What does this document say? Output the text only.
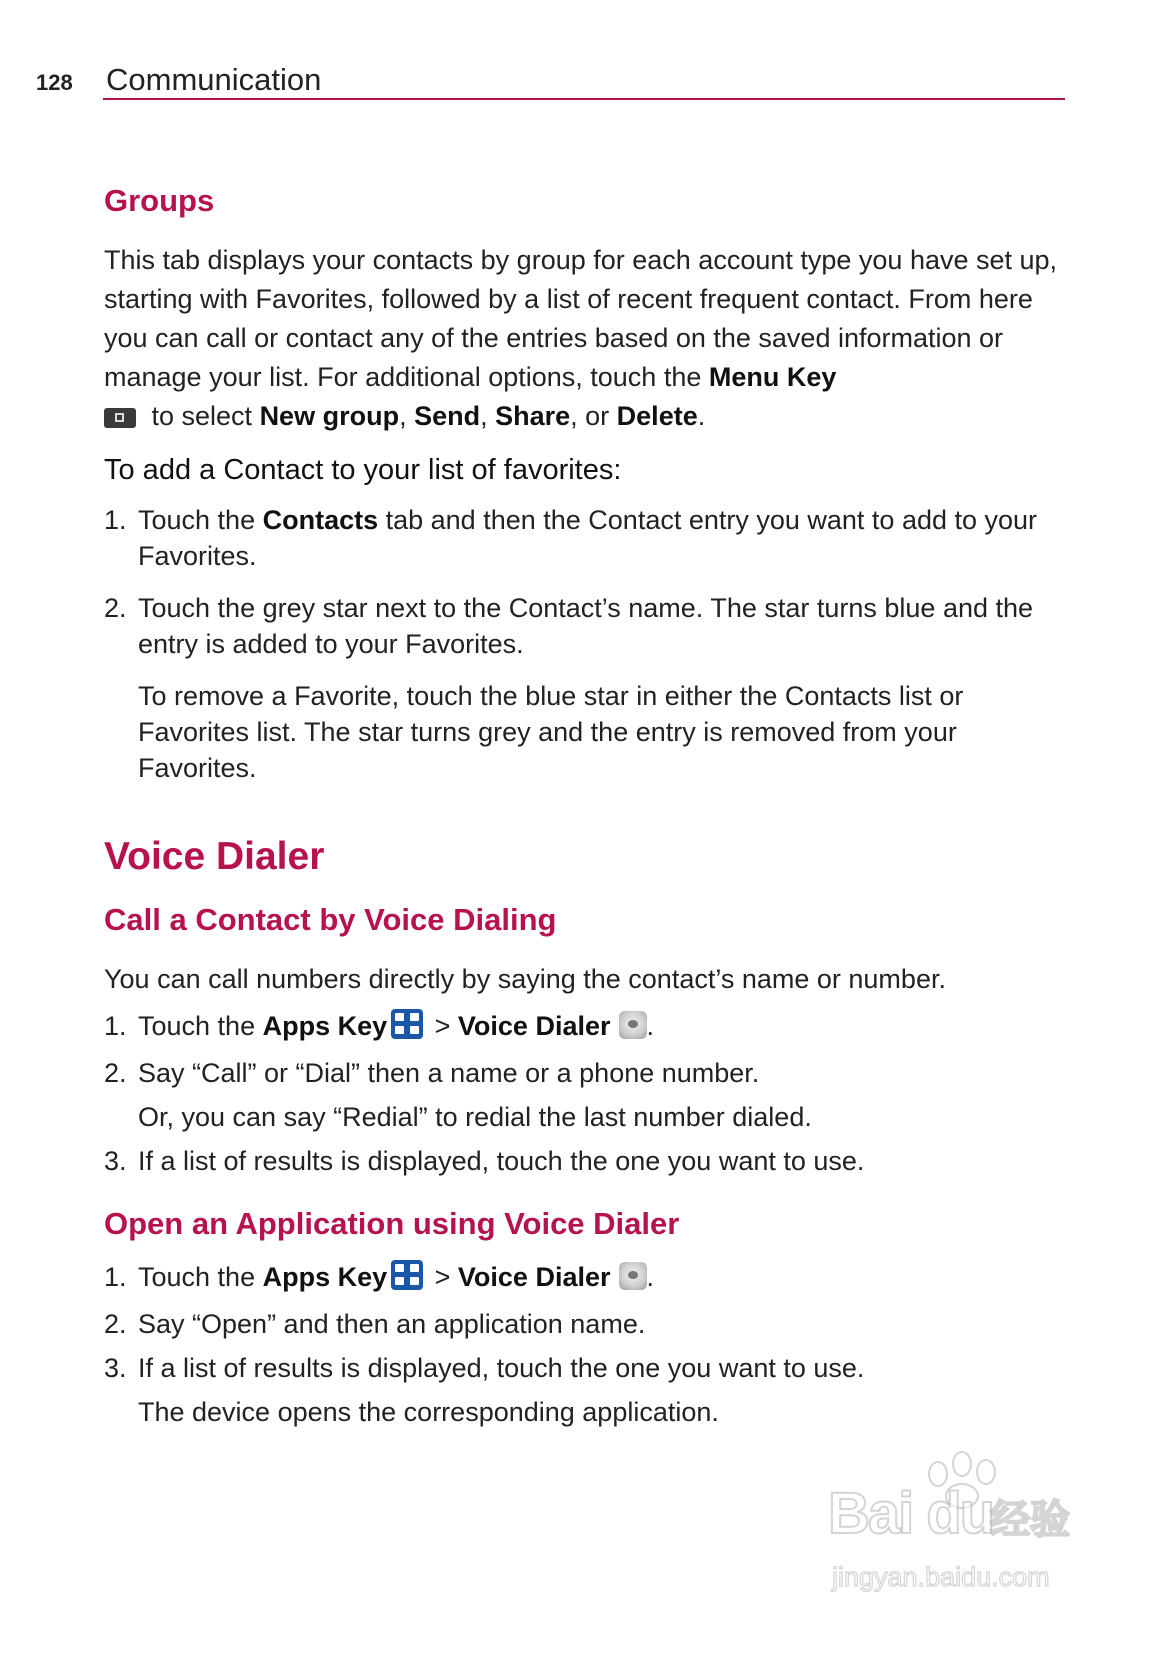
128 Communication
Groups

This tab displays your contacts by group for each account type you have set up, starting with Favorites, followed by a list of recent frequent contact. From here you can call or contact any of the entries based on the saved information or manage your list. For additional options, touch the Menu Key
to select New group, Send, Share, or Delete.

To add a Contact to your list of favorites:
1. Touch the Contacts tab and then the Contact entry you want to add to your Favorites.
2. Touch the grey star next to the Contact’s name. The star turns blue and the entry is added to your Favorites.
To remove a Favorite, touch the blue star in either the Contacts list or Favorites list. The star turns grey and the entry is removed from your Favorites.
Voice Dialer
Call a Contact by Voice Dialing

You can call numbers directly by saying the contact’s name or number.

1. Touch the Apps Key
> Voice Dialer .
2. Say “Call” or “Dial” then a name or a phone number.
Or, you can say “Redial” to redial the last number dialed.
3. If a list of results is displayed, touch the one you want to use.
Open an Application using Voice Dialer
1. Touch the Apps Key
> Voice Dialer .
2. Say “Open” and then an application name.
3. If a list of results is displayed, touch the one you want to use.
The device opens the corresponding application.
Bai du
经验
jingyan.baidu.com
